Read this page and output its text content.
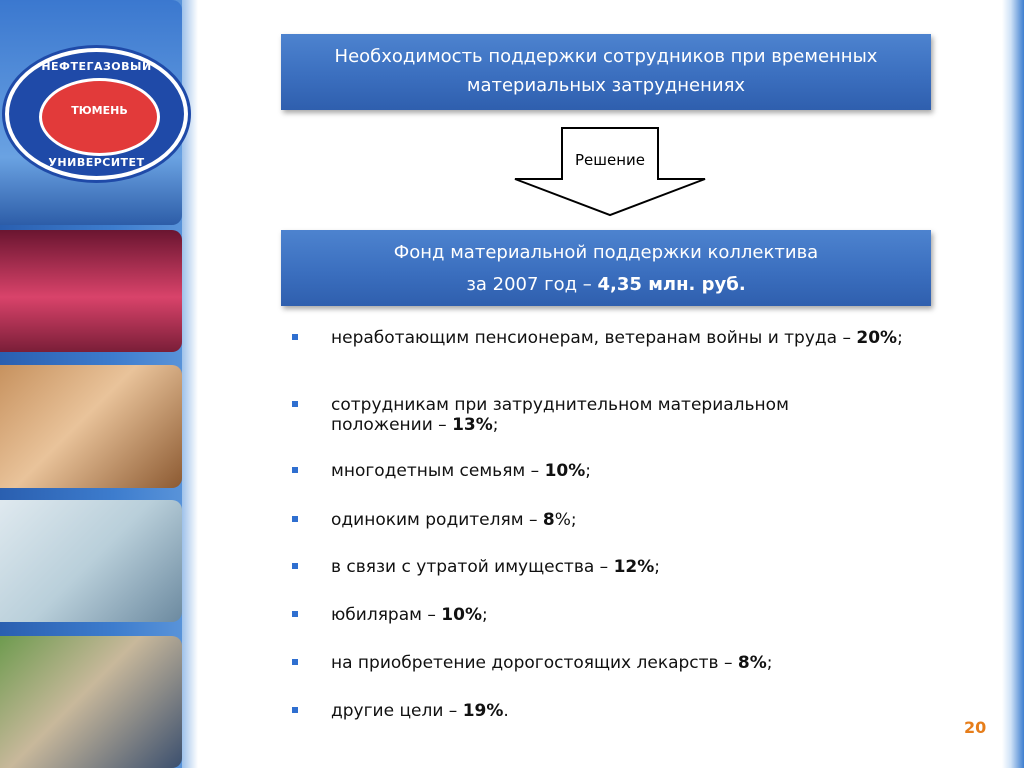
НЕФТЕГАЗОВЫЙ
ТЮМЕНЬ
УНИВЕРСИТЕТ
Необходимость поддержки сотрудников при временных
материальных затруднениях
Решение
Фонд материальной поддержки коллектива
за 2007 год – 4,35 млн. руб.
неработающим пенсионерам, ветеранам войны и труда – 20%;
сотрудникам при затруднительном материальном положении – 13%;
многодетным семьям – 10%;
одиноким родителям – 8%;
в связи с утратой имущества – 12%;
юбилярам – 10%;
на приобретение дорогостоящих лекарств – 8%;
другие цели – 19%.
20
